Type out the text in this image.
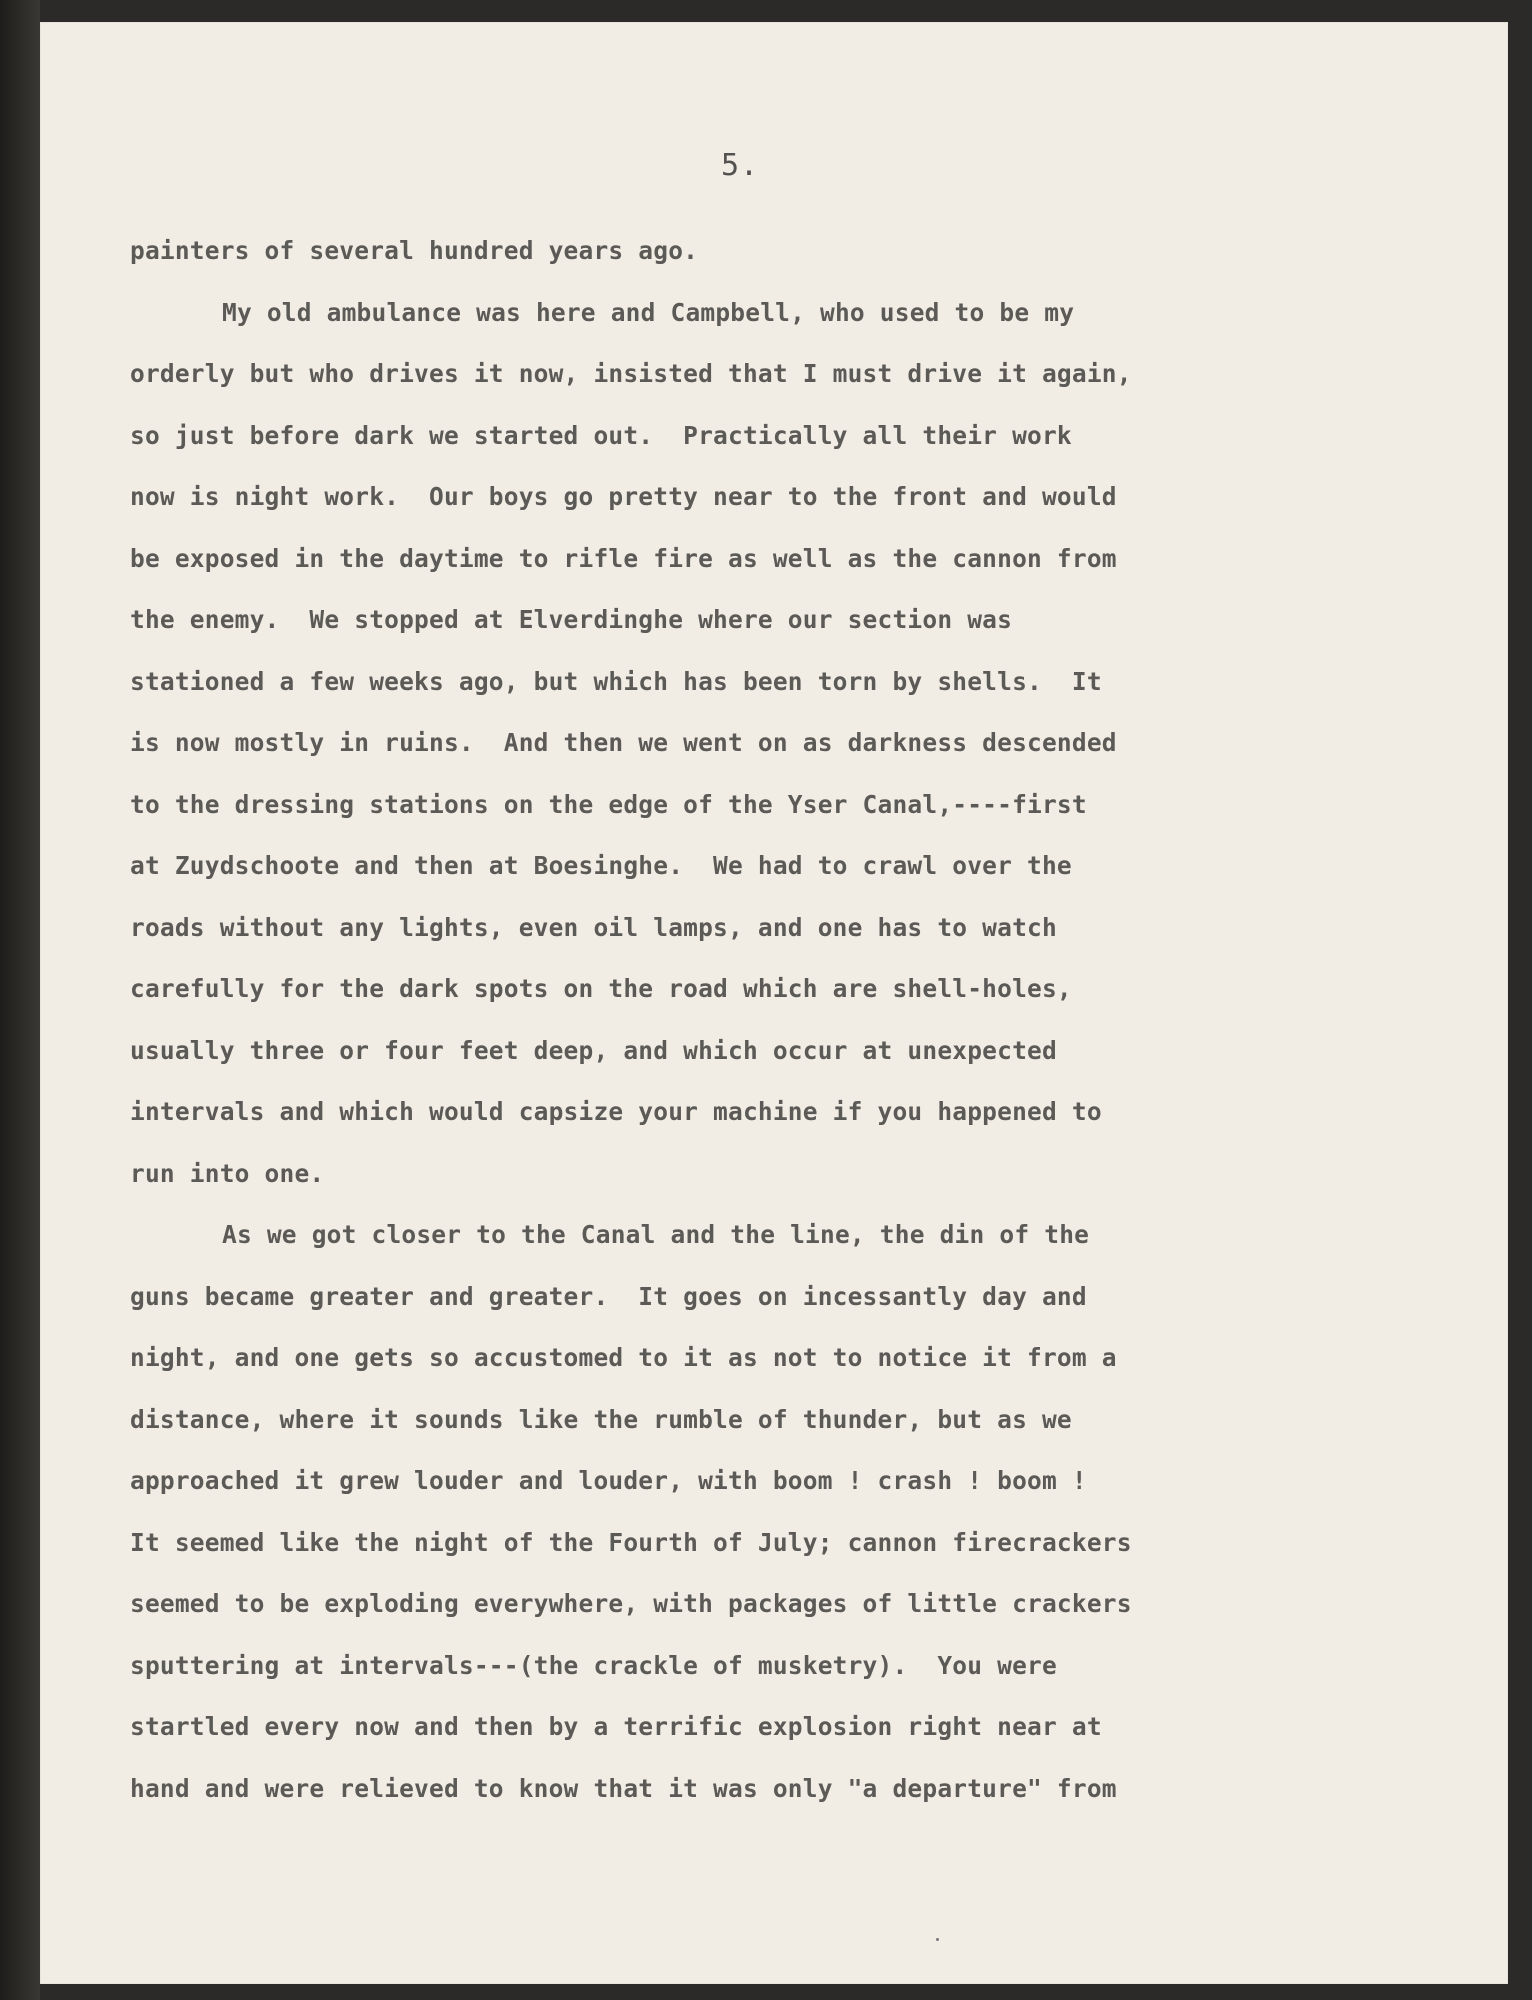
5.
painters of several hundred years ago.
My old ambulance was here and Campbell, who used to be my
orderly but who drives it now, insisted that I must drive it again,
so just before dark we started out.  Practically all their work
now is night work.  Our boys go pretty near to the front and would
be exposed in the daytime to rifle fire as well as the cannon from
the enemy.  We stopped at Elverdinghe where our section was
stationed a few weeks ago, but which has been torn by shells.  It
is now mostly in ruins.  And then we went on as darkness descended
to the dressing stations on the edge of the Yser Canal,----first
at Zuydschoote and then at Boesinghe.  We had to crawl over the
roads without any lights, even oil lamps, and one has to watch
carefully for the dark spots on the road which are shell-holes,
usually three or four feet deep, and which occur at unexpected
intervals and which would capsize your machine if you happened to
run into one.
As we got closer to the Canal and the line, the din of the
guns became greater and greater.  It goes on incessantly day and
night, and one gets so accustomed to it as not to notice it from a
distance, where it sounds like the rumble of thunder, but as we
approached it grew louder and louder, with boom ! crash ! boom !
It seemed like the night of the Fourth of July; cannon firecrackers
seemed to be exploding everywhere, with packages of little crackers
sputtering at intervals---(the crackle of musketry).  You were
startled every now and then by a terrific explosion right near at
hand and were relieved to know that it was only "a departure" from
